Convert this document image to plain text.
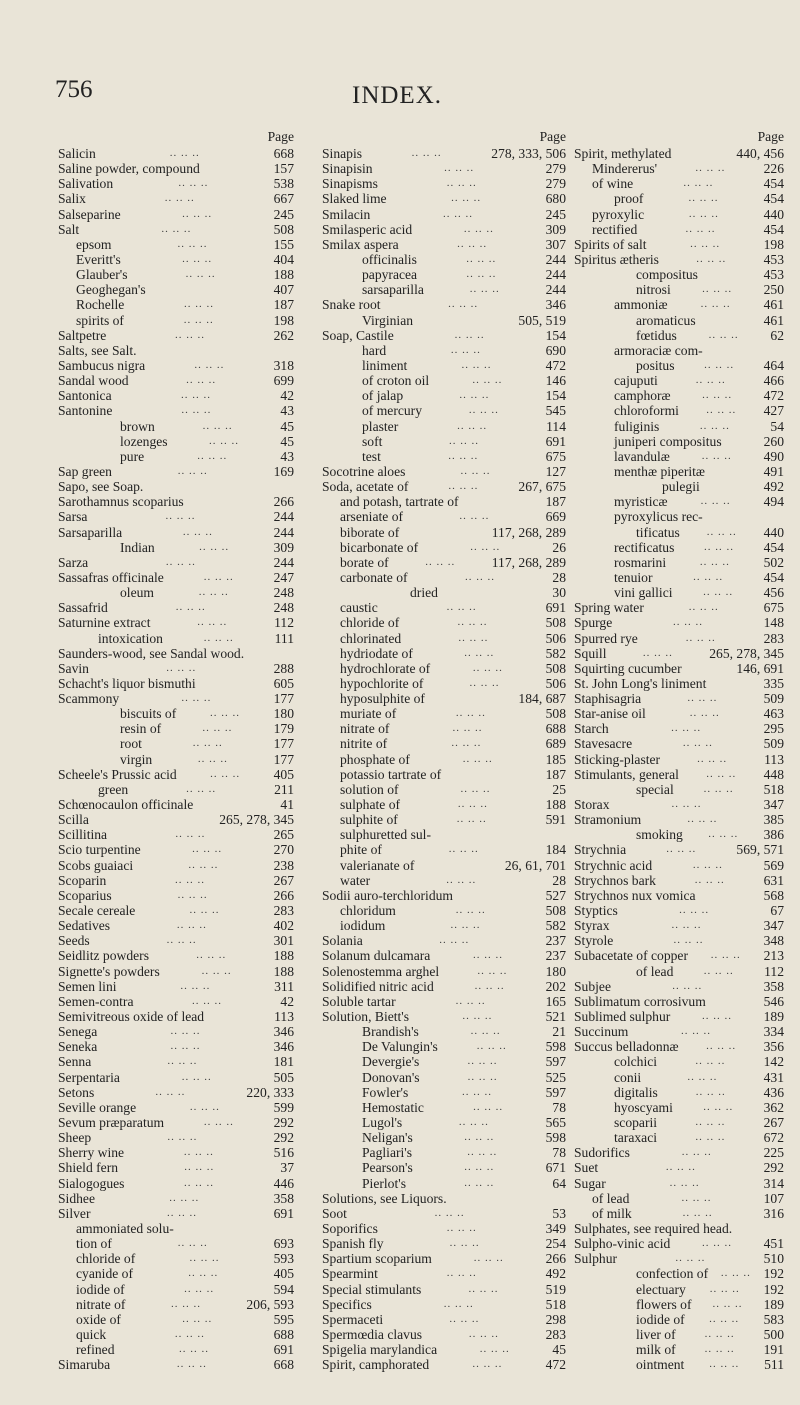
756	INDEX.
Page
Salicin .. .. ..	668
Saline powder, compound	157
Salivation .. .. ..	538
Salix .. .. ..	667
Salseparine .. .. ..	245
Salt .. .. ..	508
epsom .. .. ..	155
Everitt's .. .. ..	404
Glauber's .. .. ..	188
Geoghegan's	407
Rochelle .. .. ..	187
spirits of .. .. ..	198
Saltpetre .. .. ..	262
Salts, see Salt.
Sambucus nigra .. .. ..	318
Sandal wood .. .. ..	699
Santonica .. .. ..	42
Santonine .. .. ..	43
brown .. .. ..	45
lozenges .. .. ..	45
pure .. .. ..	43
Sap green .. .. ..	169
Sapo, see Soap.
Sarothamnus scoparius	266
Sarsa .. .. ..	244
Sarsaparilla .. .. ..	244
Indian .. .. ..	309
Sarza .. .. ..	244
Sassafras officinale .. .. ..	247
oleum .. .. ..	248
Sassafrid .. .. ..	248
Saturnine extract .. .. ..	112
intoxication .. .. ..	111
Saunders-wood, see Sandal wood.
Savin .. .. ..	288
Schacht's liquor bismuthi	605
Scammony .. .. ..	177
biscuits of .. .. ..	180
resin of .. .. ..	179
root .. .. ..	177
virgin .. .. ..	177
Scheele's Prussic acid .. .. ..	405
green .. .. ..	211
Schœnocaulon officinale	41
Scilla	265, 278, 345
Scillitina .. .. ..	265
Scio turpentine .. .. ..	270
Scobs guaiaci .. .. ..	238
Scoparin .. .. ..	267
Scoparius .. .. ..	266
Secale cereale .. .. ..	283
Sedatives .. .. ..	402
Seeds .. .. ..	301
Seidlitz powders .. .. ..	188
Signette's powders .. .. ..	188
Semen lini .. .. ..	311
Semen-contra .. .. ..	42
Semivitreous oxide of lead	113
Senega .. .. ..	346
Seneka .. .. ..	346
Senna .. .. ..	181
Serpentaria .. .. ..	505
Setons .. .. ..	220, 333
Seville orange .. .. ..	599
Sevum præparatum .. .. ..	292
Sheep .. .. ..	292
Sherry wine .. .. ..	516
Shield fern .. .. ..	37
Sialogogues .. .. ..	446
Sidhee .. .. ..	358
Silver .. .. ..	691
ammoniated solu-
tion of .. .. ..	693
chloride of .. .. ..	593
cyanide of .. .. ..	405
iodide of .. .. ..	594
nitrate of .. .. ..	206, 593
oxide of .. .. ..	595
quick .. .. ..	688
refined .. .. ..	691
Simaruba .. .. ..	668
Page
Sinapis .. .. ..	278, 333, 506
Sinapisin .. .. ..	279
Sinapisms .. .. ..	279
Slaked lime .. .. ..	680
Smilacin .. .. ..	245
Smilasperic acid .. .. ..	309
Smilax aspera .. .. ..	307
officinalis .. .. ..	244
papyracea .. .. ..	244
sarsaparilla .. .. ..	244
Snake root .. .. ..	346
Virginian	505, 519
Soap, Castile .. .. ..	154
hard .. .. ..	690
liniment .. .. ..	472
of croton oil .. .. ..	146
of jalap .. .. ..	154
of mercury .. .. ..	545
plaster .. .. ..	114
soft .. .. ..	691
test .. .. ..	675
Socotrine aloes .. .. ..	127
Soda, acetate of .. .. ..	267, 675
and potash, tartrate of	187
arseniate of .. .. ..	669
biborate of	117, 268, 289
bicarbonate of .. .. ..	26
borate of .. .. ..	117, 268, 289
carbonate of .. .. ..	28
dried	30
caustic .. .. ..	691
chloride of .. .. ..	508
chlorinated .. .. ..	506
hydriodate of .. .. ..	582
hydrochlorate of .. .. ..	508
hypochlorite of .. .. ..	506
hyposulphite of	184, 687
muriate of .. .. ..	508
nitrate of .. .. ..	688
nitrite of .. .. ..	689
phosphate of .. .. ..	185
potassio tartrate of	187
solution of .. .. ..	25
sulphate of .. .. ..	188
sulphite of .. .. ..	591
sulphuretted sul-
phite of .. .. ..	184
valerianate of	26, 61, 701
water .. .. ..	28
Sodii auro-terchloridum	527
chloridum .. .. ..	508
iodidum .. .. ..	582
Solania .. .. ..	237
Solanum dulcamara .. .. ..	237
Solenostemma arghel .. .. ..	180
Solidified nitric acid .. .. ..	202
Soluble tartar .. .. ..	165
Solution, Biett's .. .. ..	521
Brandish's .. .. ..	21
De Valungin's .. .. ..	598
Devergie's .. .. ..	597
Donovan's .. .. ..	525
Fowler's .. .. ..	597
Hemostatic .. .. ..	78
Lugol's .. .. ..	565
Neligan's .. .. ..	598
Pagliari's .. .. ..	78
Pearson's .. .. ..	671
Pierlot's .. .. ..	64
Solutions, see Liquors.
Soot .. .. ..	53
Soporifics .. .. ..	349
Spanish fly .. .. ..	254
Spartium scoparium .. .. ..	266
Spearmint .. .. ..	492
Special stimulants .. .. ..	519
Specifics .. .. ..	518
Spermaceti .. .. ..	298
Spermœdia clavus .. .. ..	283
Spigelia marylandica .. .. ..	45
Spirit, camphorated .. .. ..	472
Page
Spirit, methylated	440, 456
Mindererus' .. .. ..	226
of wine .. .. ..	454
proof .. .. ..	454
pyroxylic .. .. ..	440
rectified .. .. ..	454
Spirits of salt .. .. ..	198
Spiritus ætheris .. .. ..	453
compositus	453
nitrosi .. .. ..	250
ammoniæ .. .. ..	461
aromaticus	461
fœtidus .. .. ..	62
armoraciæ com-
positus .. .. ..	464
cajuputi .. .. ..	466
camphoræ .. .. ..	472
chloroformi .. .. ..	427
fuliginis .. .. ..	54
juniperi compositus	260
lavandulæ .. .. ..	490
menthæ piperitæ	491
pulegii	492
myristicæ .. .. ..	494
pyroxylicus rec-
tificatus .. .. ..	440
rectificatus .. .. ..	454
rosmarini .. .. ..	502
tenuior .. .. ..	454
vini gallici .. .. ..	456
Spring water .. .. ..	675
Spurge .. .. ..	148
Spurred rye .. .. ..	283
Squill .. .. ..	265, 278, 345
Squirting cucumber	146, 691
St. John Long's liniment	335
Staphisagria .. .. ..	509
Star-anise oil .. .. ..	463
Starch .. .. ..	295
Stavesacre .. .. ..	509
Sticking-plaster .. .. ..	113
Stimulants, general .. .. ..	448
special .. .. ..	518
Storax .. .. ..	347
Stramonium .. .. ..	385
smoking .. .. ..	386
Strychnia .. .. ..	569, 571
Strychnic acid .. .. ..	569
Strychnos bark .. .. ..	631
Strychnos nux vomica	568
Styptics .. .. ..	67
Styrax .. .. ..	347
Styrole .. .. ..	348
Subacetate of copper .. .. ..	213
of lead .. .. ..	112
Subjee .. .. ..	358
Sublimatum corrosivum	546
Sublimed sulphur .. .. ..	189
Succinum .. .. ..	334
Succus belladonnæ .. .. ..	356
colchici .. .. ..	142
conii .. .. ..	431
digitalis .. .. ..	436
hyoscyami .. .. ..	362
scoparii .. .. ..	267
taraxaci .. .. ..	672
Sudorifics .. .. ..	225
Suet .. .. ..	292
Sugar .. .. ..	314
of lead .. .. ..	107
of milk .. .. ..	316
Sulphates, see required head.
Sulpho-vinic acid .. .. ..	451
Sulphur .. .. ..	510
confection of .. .. ..	192
electuary .. .. ..	192
flowers of .. .. ..	189
iodide of .. .. ..	583
liver of .. .. ..	500
milk of .. .. ..	191
ointment .. .. ..	511
